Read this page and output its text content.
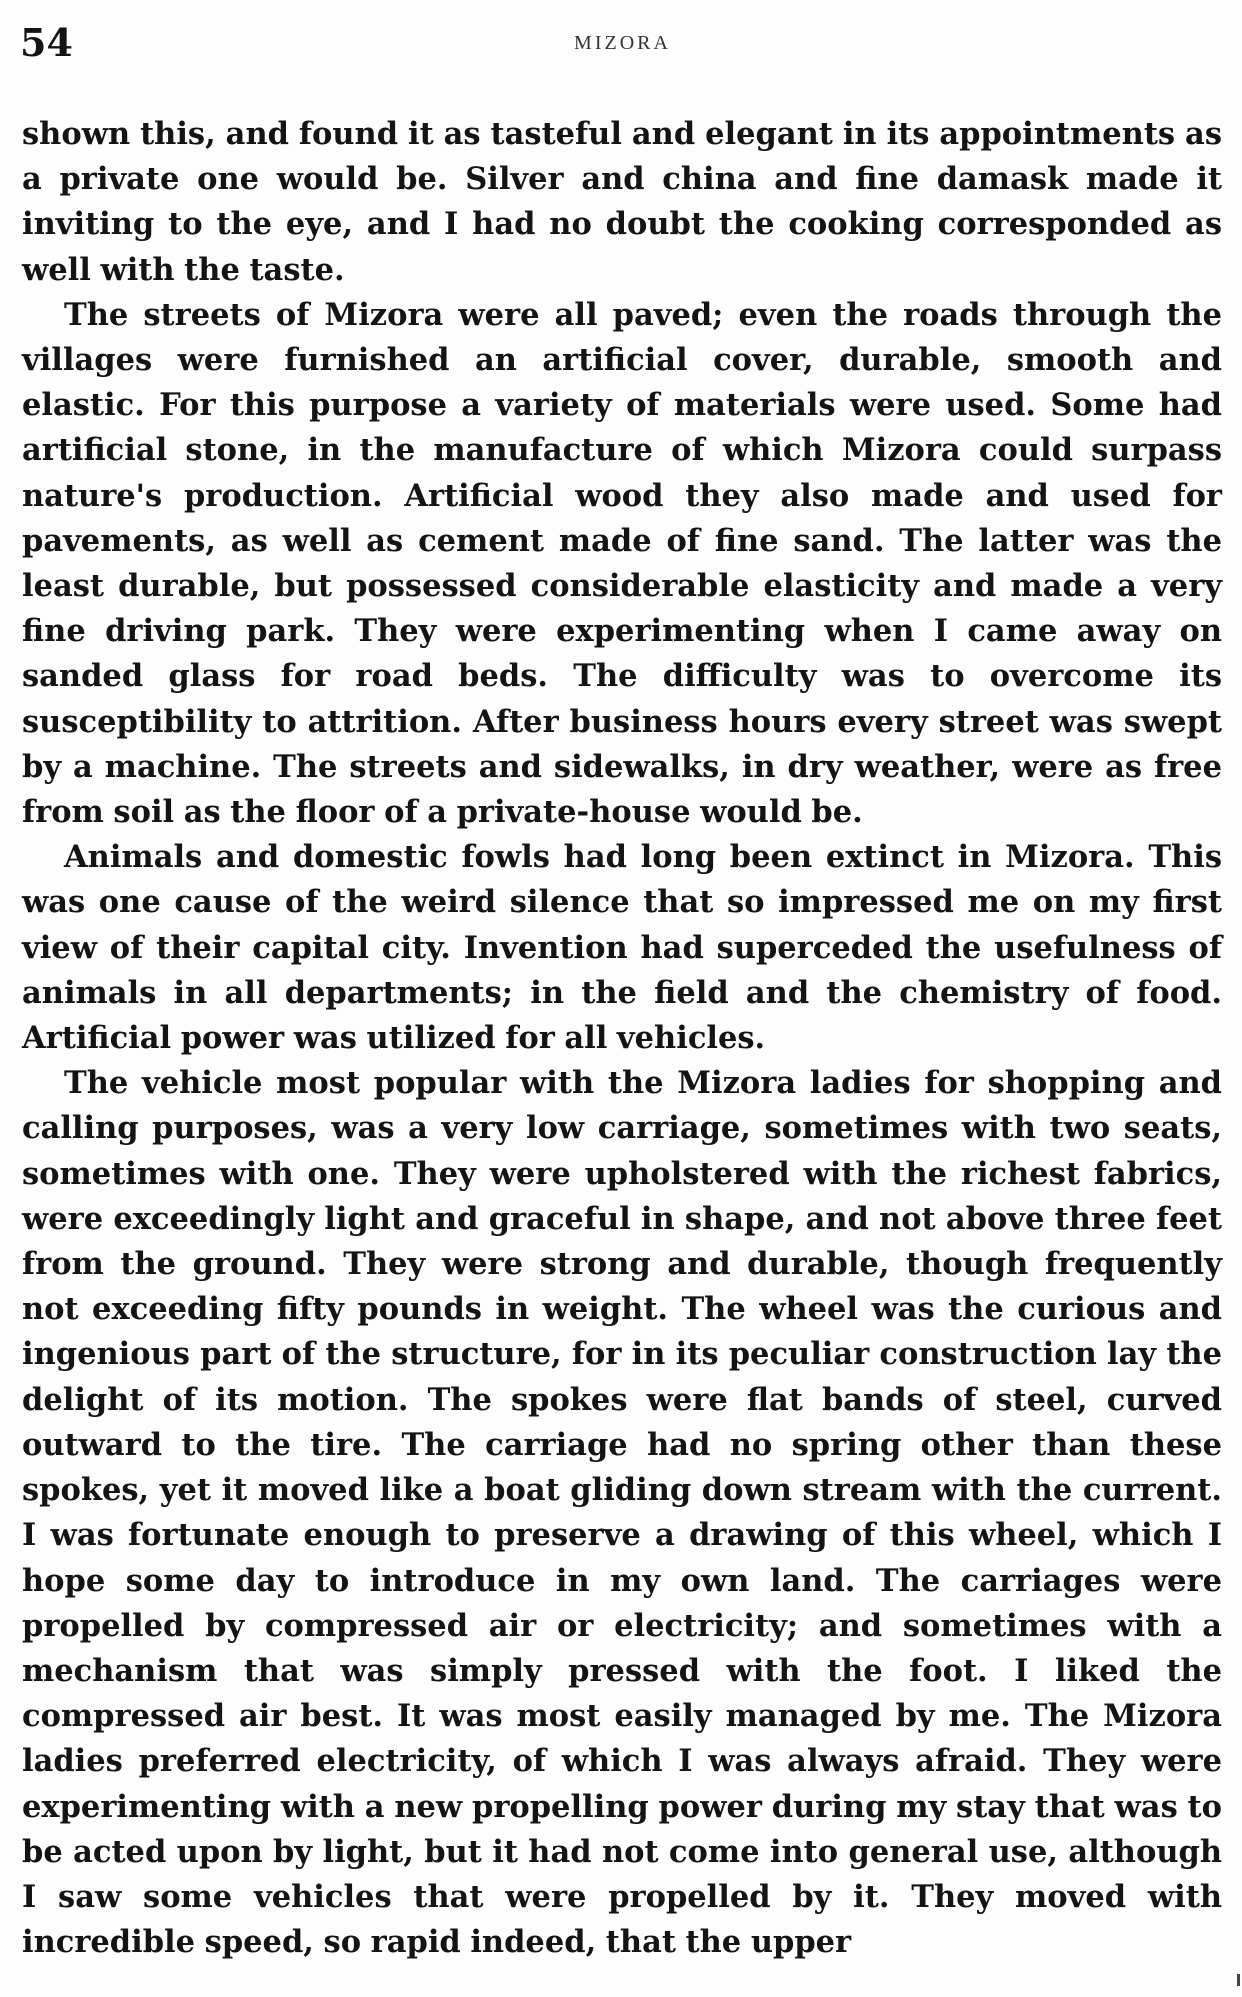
54	MIZORA

shown this, and found it as tasteful and elegant in its appointments as a private one would be. Silver and china and fine damask made it inviting to the eye, and I had no doubt the cooking corresponded as well with the taste.

The streets of Mizora were all paved; even the roads through the villages were furnished an artificial cover, durable, smooth and elastic. For this purpose a variety of materials were used. Some had artificial stone, in the manufacture of which Mizora could surpass nature's production. Artificial wood they also made and used for pavements, as well as cement made of fine sand. The latter was the least durable, but possessed considerable elasticity and made a very fine driving park. They were experimenting when I came away on sanded glass for road beds. The difficulty was to overcome its susceptibility to attrition. After business hours every street was swept by a machine. The streets and sidewalks, in dry weather, were as free from soil as the floor of a private-house would be.

Animals and domestic fowls had long been extinct in Mizora. This was one cause of the weird silence that so impressed me on my first view of their capital city. Invention had superceded the usefulness of animals in all departments; in the field and the chemistry of food. Artificial power was utilized for all vehicles.

The vehicle most popular with the Mizora ladies for shopping and calling purposes, was a very low carriage, sometimes with two seats, sometimes with one. They were upholstered with the richest fabrics, were exceedingly light and graceful in shape, and not above three feet from the ground. They were strong and durable, though frequently not exceeding fifty pounds in weight. The wheel was the curious and ingenious part of the structure, for in its peculiar construction lay the delight of its motion. The spokes were flat bands of steel, curved outward to the tire. The carriage had no spring other than these spokes, yet it moved like a boat gliding down stream with the current. I was fortunate enough to preserve a drawing of this wheel, which I hope some day to introduce in my own land. The carriages were propelled by compressed air or electricity; and sometimes with a mechanism that was simply pressed with the foot. I liked the compressed air best. It was most easily managed by me. The Mizora ladies preferred electricity, of which I was always afraid. They were experimenting with a new propelling power during my stay that was to be acted upon by light, but it had not come into general use, although I saw some vehicles that were propelled by it. They moved with incredible speed, so rapid indeed, that the upper
